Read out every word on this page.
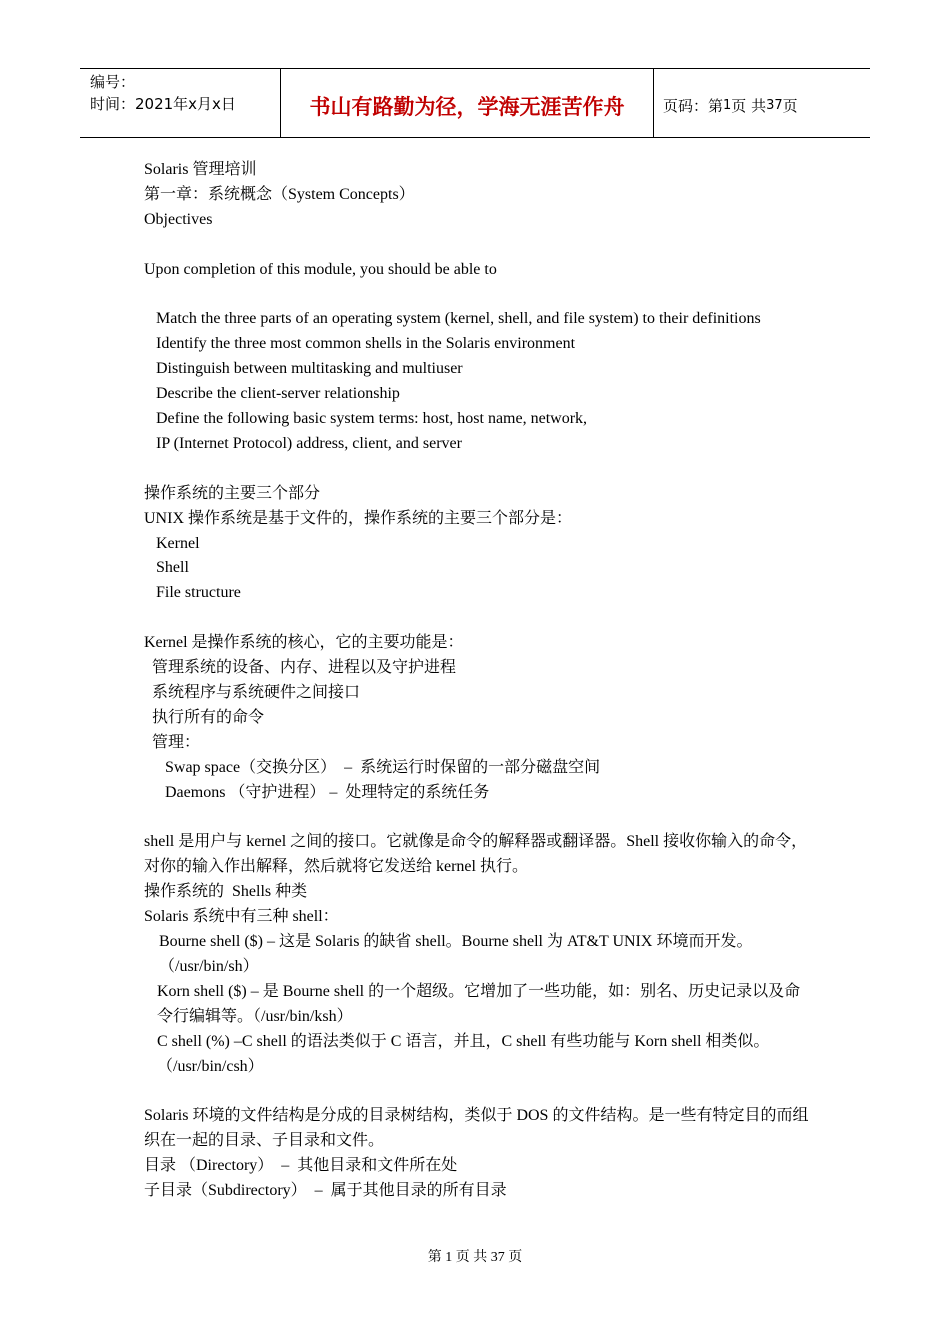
编号：
时间：2021年x月x日	书山有路勤为径，学海无涯苦作舟	页码：第 1 页 共 37 页
Solaris 管理培训
第一章：系统概念（System Concepts）
Objectives
Upon completion of this module, you should be able to
Match the three parts of an operating system (kernel, shell, and file system) to their definitions
Identify the three most common shells in the Solaris environment
Distinguish between multitasking and multiuser
Describe the client-server relationship
Define the following basic system terms: host, host name, network,
IP (Internet Protocol) address, client, and server
操作系统的主要三个部分
UNIX 操作系统是基于文件的，操作系统的主要三个部分是：
Kernel
Shell
File structure
Kernel 是操作系统的核心，它的主要功能是：
管理系统的设备、内存、进程以及守护进程
系统程序与系统硬件之间接口
执行所有的命令
管理：
Swap space（交换分区）  –  系统运行时保留的一部分磁盘空间
Daemons （守护进程） –  处理特定的系统任务
shell 是用户与 kernel 之间的接口。它就像是命令的解释器或翻译器。Shell 接收你输入的命令，对你的输入作出解释，然后就将它发送给 kernel 执行。
操作系统的  Shells 种类
Solaris 系统中有三种 shell：
Bourne shell ($) – 这是 Solaris 的缺省 shell。Bourne shell 为 AT&T UNIX 环境而开发。（/usr/bin/sh）
Korn shell ($) – 是 Bourne shell 的一个超级。它增加了一些功能，如：别名、历史记录以及命令行编辑等。（/usr/bin/ksh）
C shell (%) –C shell 的语法类似于 C 语言，并且，C shell 有些功能与 Korn shell 相类似。（/usr/bin/csh）
Solaris 环境的文件结构是分成的目录树结构，类似于 DOS 的文件结构。是一些有特定目的而组织在一起的目录、子目录和文件。
目录 （Directory）  –  其他目录和文件所在处
子目录（Subdirectory）  –  属于其他目录的所有目录
第 1 页 共 37 页
